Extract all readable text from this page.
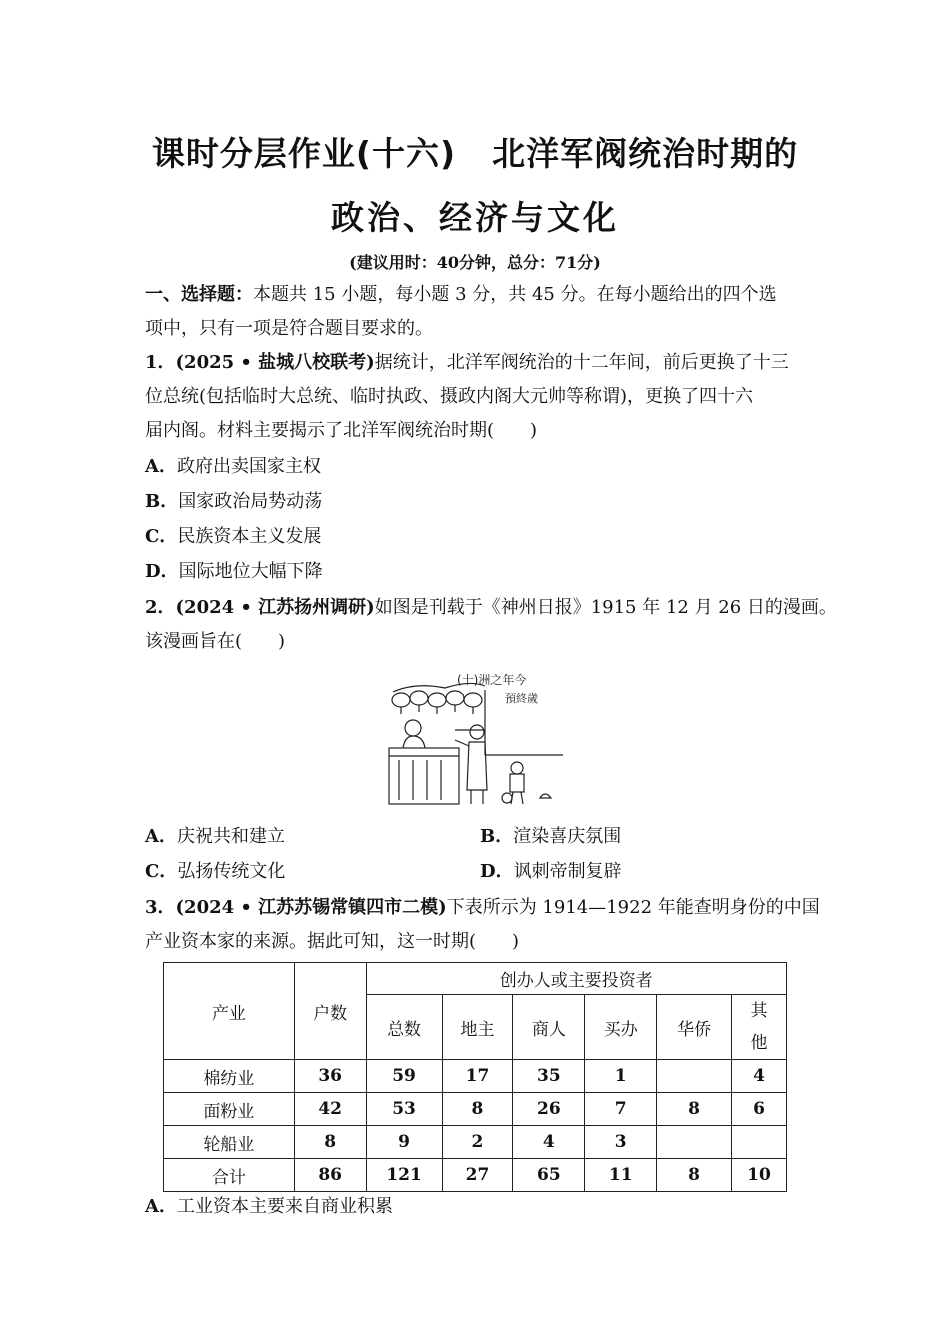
课时分层作业(十六) 北洋军阀统治时期的
政治、经济与文化
(建议用时：40分钟，总分：71分)
一、选择题：本题共 15 小题，每小题 3 分，共 45 分。在每小题给出的四个选
项中，只有一项是符合题目要求的。
1．(2025 • 盐城八校联考)据统计，北洋军阀统治的十二年间，前后更换了十三
位总统(包括临时大总统、临时执政、摄政内阁大元帅等称谓)，更换了四十六
届内阁。材料主要揭示了北洋军阀统治时期(　　)
A．政府出卖国家主权
B．国家政治局势动荡
C．民族资本主义发展
D．国际地位大幅下降
2．(2024 • 江苏扬州调研)如图是刊载于《神州日报》1915 年 12 月 26 日的漫画。
该漫画旨在(　　)
(十)洲之年今
預終歲
A．庆祝共和建立	B．渲染喜庆氛围
C．弘扬传统文化	D．讽刺帝制复辟
3．(2024 • 江苏苏锡常镇四市二模)下表所示为 1914—1922 年能查明身份的中国
产业资本家的来源。据此可知，这一时期(　　)
产业	户数	创办人或主要投资者					
		总数	地主	商人	买办	华侨	其
他
棉纺业	36	59	17	35	1		4
面粉业	42	53	8	26	7	8	6
轮船业	8	9	2	4	3		
合计	86	121	27	65	11	8	10
A．工业资本主要来自商业积累
